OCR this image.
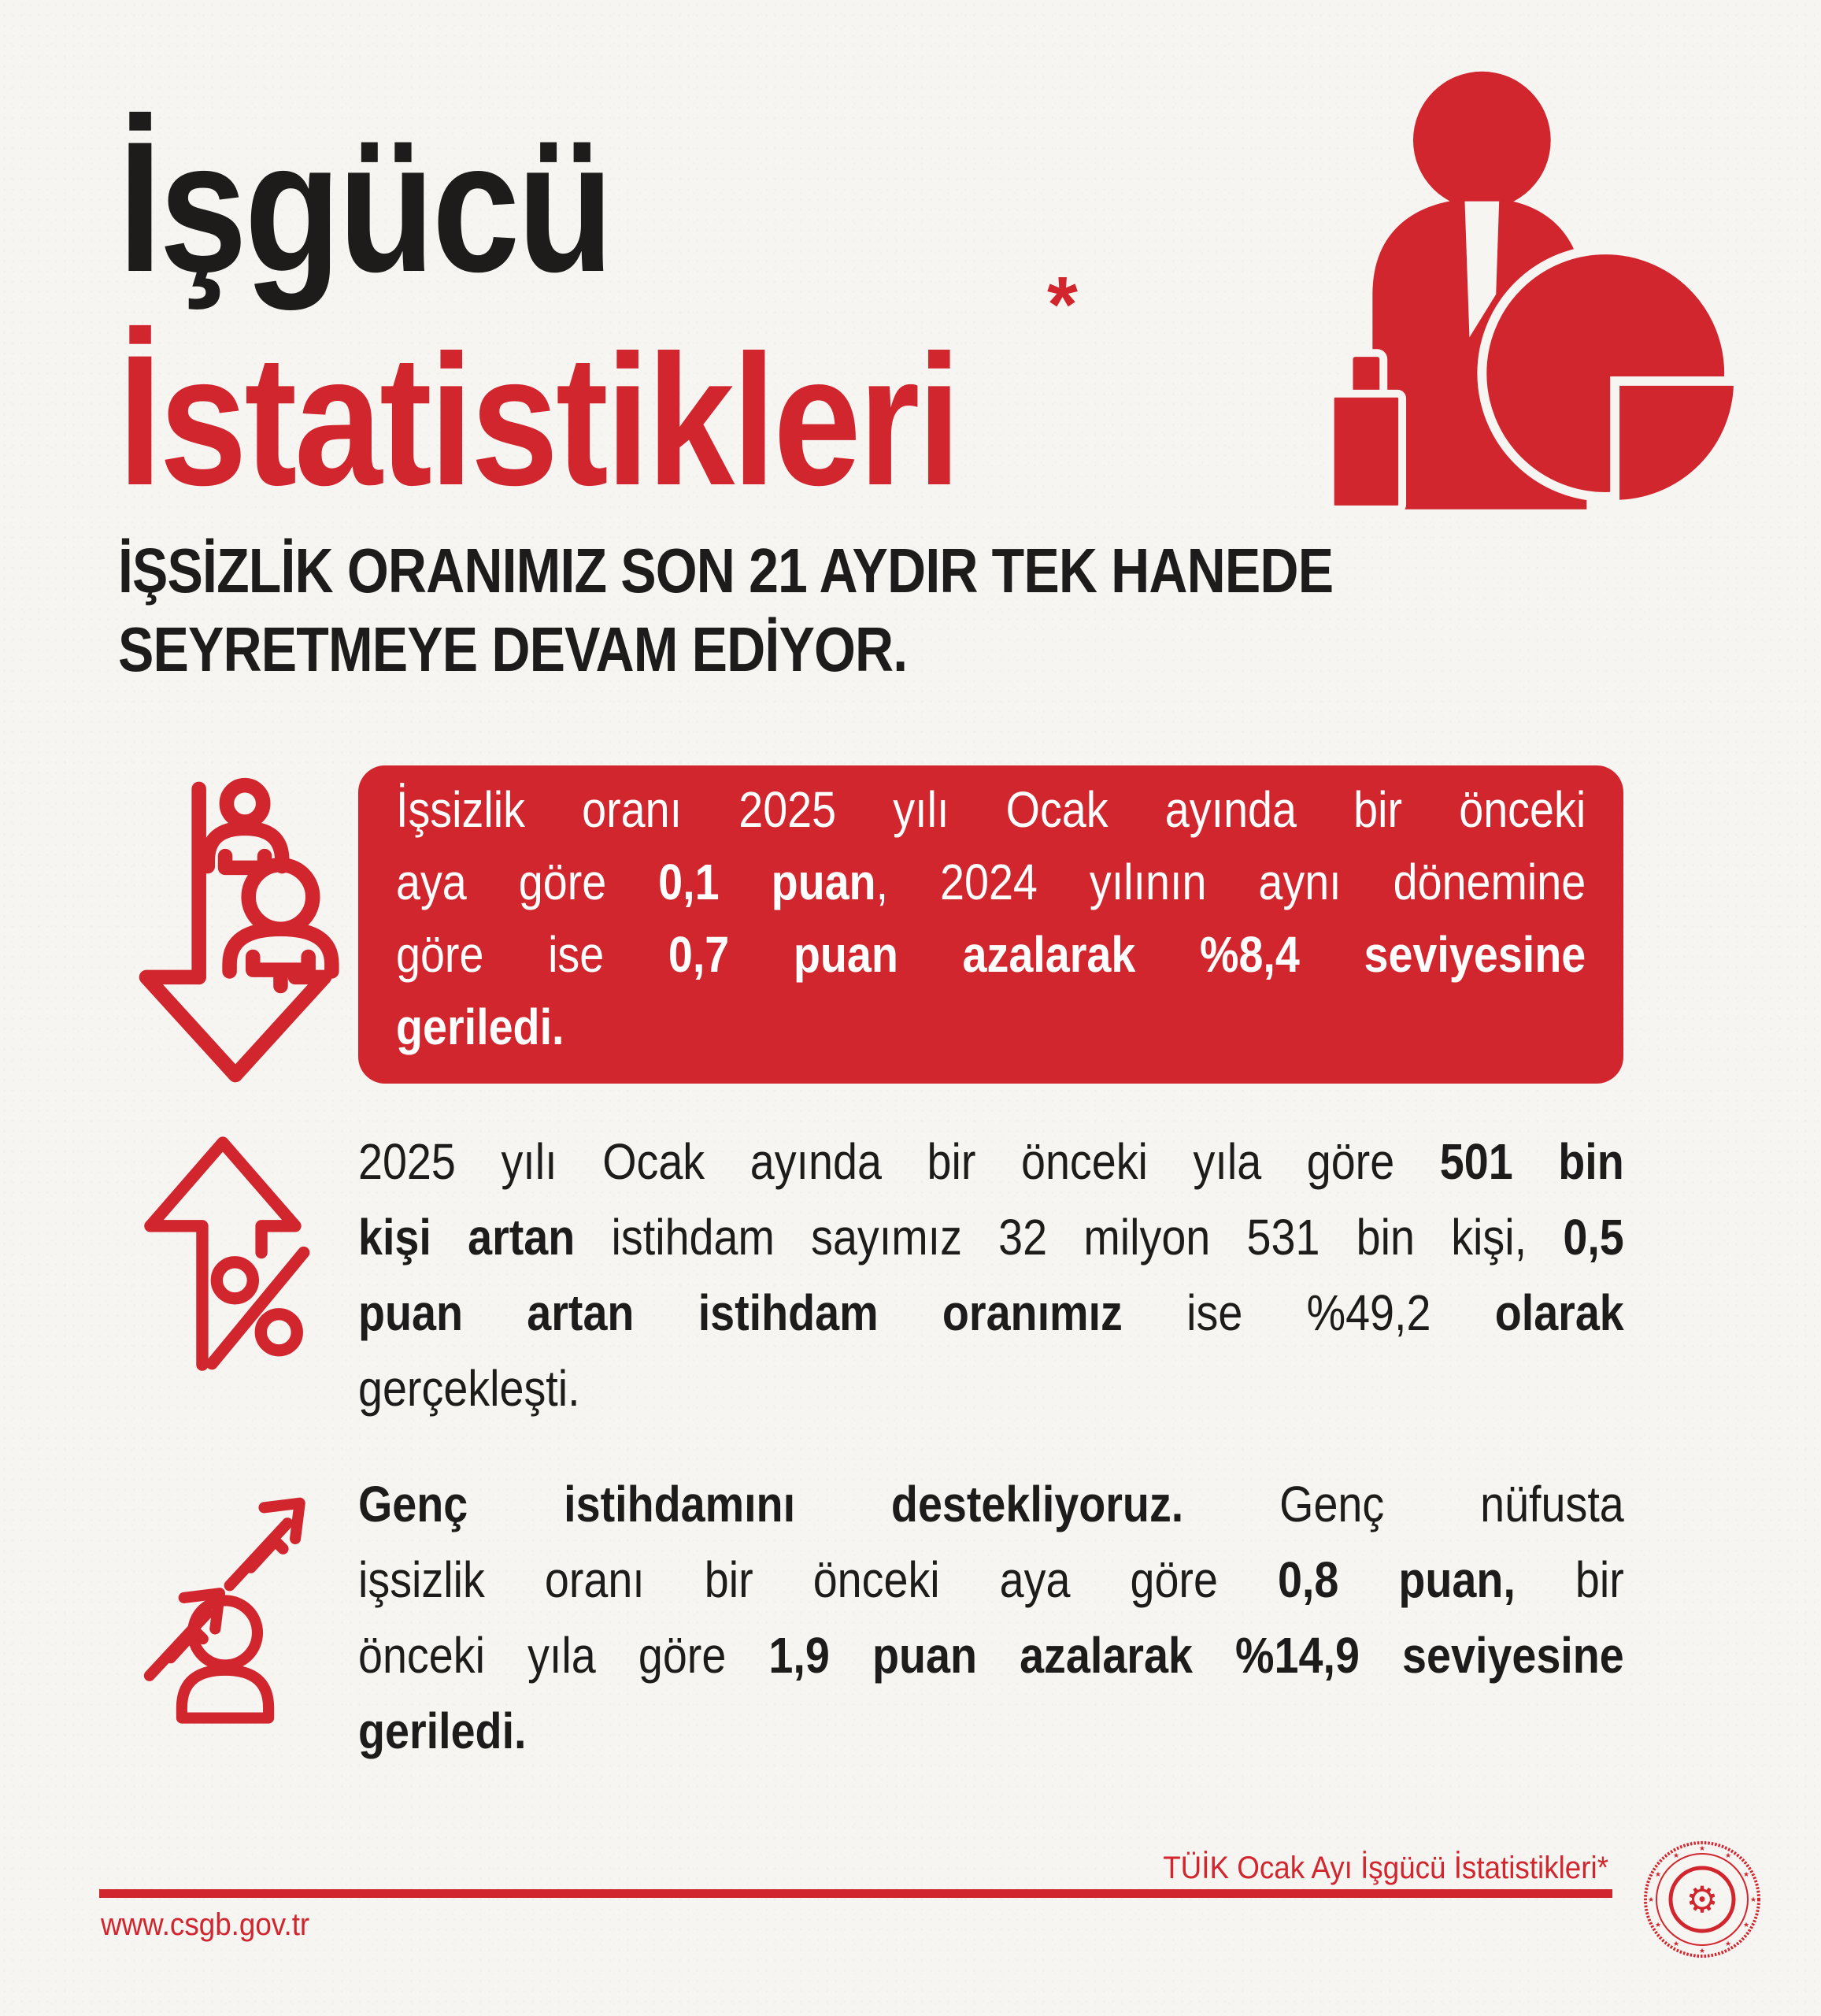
İşgücü
İstatistikleri
*
İŞSİZLİK ORANIMIZ SON 21 AYDIR TEK HANEDE
SEYRETMEYE DEVAM EDİYOR.
İşsizlik oranı 2025 yılı Ocak ayında bir önceki
aya göre 0,1 puan, 2024 yılının aynı dönemine
göre ise 0,7 puan azalarak %8,4 seviyesine
geriledi.
2025 yılı Ocak ayında bir önceki yıla göre 501 bin
kişi artan istihdam sayımız 32 milyon 531 bin kişi, 0,5
puan artan istihdam oranımız ise %49,2 olarak
gerçekleşti.
Genç istihdamını destekliyoruz. Genç nüfusta
işsizlik oranı bir önceki aya göre 0,8 puan, bir
önceki yıla göre 1,9 puan azalarak %14,9 seviyesine
geriledi.
TÜİK Ocak Ayı İşgücü İstatistikleri*
www.csgb.gov.tr
★
★
★
★
★
★
★
★
★
★
★
★
⚙
